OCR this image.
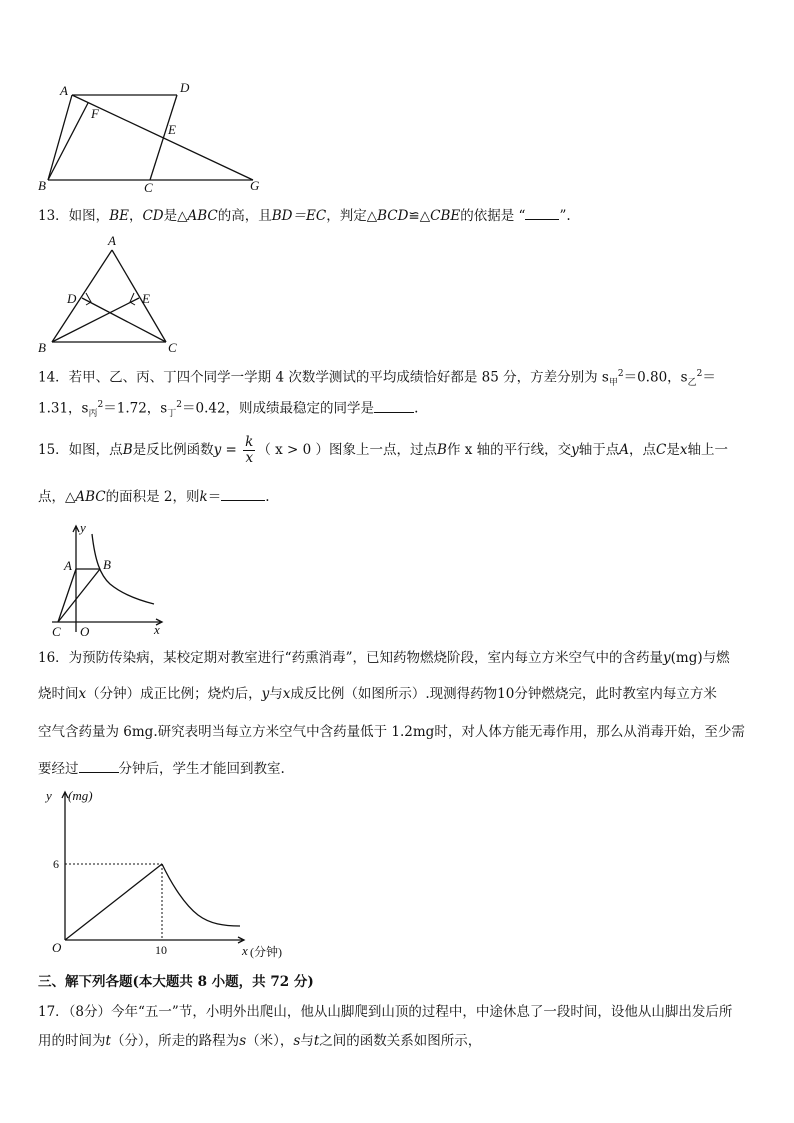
A	D
F
E
B	C	G
13．如图，BE，CD是△ABC的高，且BD＝EC，判定△BCD≌△CBE的依据是 “	”.
A
D	E
B	C
14．若甲、乙、丙、丁四个同学一学期 4 次数学测试的平均成绩恰好都是 85 分，方差分别为 $s_甲^2=0.80$，$s_乙^2=$
1.31，$s_丙^2=1.72$，$s_丁^2=0.42$，则成绩最稳定的同学是	.
15．如图，点B是反比例函数$y = \frac{k}{x}$ （ x > 0 ）图象上一点，过点B作 x 轴的平行线，交y轴于点A，点C是x轴上一
点，△ABC的面积是 2，则k＝	.
y
A B
C O	x
16．为预防传染病，某校定期对教室进行“药熏消毒”，已知药物燃烧阶段，室内每立方米空气中的含药量y(mg)与燃
烧时间x（分钟）成正比例；烧灼后，y与x成反比例（如图所示）.现测得药物10分钟燃烧完，此时教室内每立方米
空气含药量为 6mg.研究表明当每立方米空气中含药量低于 1.2mg时，对人体方能无毒作用，那么从消毒开始，至少需
要经过	分钟后，学生才能回到教室.
y (mg)
6
10
O	x (分钟)
三、解下列各题(本大题共 8 小题，共 72 分)
17．（8分）今年“五一”节，小明外出爬山，他从山脚爬到山顶的过程中，中途休息了一段时间，设他从山脚出发后所
用的时间为t（分），所走的路程为s（米），s与t之间的函数关系如图所示，
